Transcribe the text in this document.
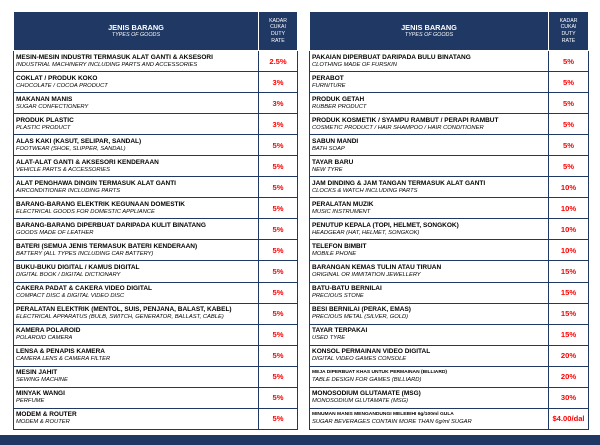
JENIS BARANG
TYPES OF GOODS	KADAR
CUKAI
DUTY
RATE

MESIN-MESIN INDUSTRI TERMASUK ALAT GANTI & AKSESORI
INDUSTRIAL MACHINERY INCLUDING PARTS AND ACCESSORIES	2.5%

COKLAT / PRODUK KOKO
CHOCOLATE / COCOA PRODUCT	3%

MAKANAN MANIS
SUGAR CONFECTIONERY	3%

PRODUK PLASTIC
PLASTIC PRODUCT	3%

ALAS KAKI (KASUT, SELIPAR, SANDAL)
FOOTWEAR (SHOE, SLIPPER, SANDAL)	5%

ALAT-ALAT GANTI & AKSESORI KENDERAAN
VEHICLE PARTS & ACCESSORIES	5%

ALAT PENGHAWA DINGIN TERMASUK ALAT GANTI
AIRCONDITIONER INCLUDING PARTS	5%

BARANG-BARANG ELEKTRIK KEGUNAAN DOMESTIK
ELECTRICAL GOODS FOR DOMESTIC APPLIANCE	5%

BARANG-BARANG DIPERBUAT DARIPADA KULIT BINATANG
GOODS MADE OF LEATHER	5%

BATERI (SEMUA JENIS TERMASUK BATERI KENDERAAN)
BATTERY (ALL TYPES INCLUDING CAR BATTERY)	5%

BUKU-BUKU DIGITAL / KAMUS DIGITAL
DIGITAL BOOK / DIGITAL DICTIONARY	5%

CAKERA PADAT & CAKERA VIDEO DIGITAL
COMPACT DISC & DIGITAL VIDEO DISC	5%

PERALATAN ELEKTRIK (MENTOL, SUIS, PENJANA, BALAST, KABEL)
ELECTRICAL APPARATUS (BULB, SWITCH, GENERATOR, BALLAST, CABLE)	5%

KAMERA POLAROID
POLAROID CAMERA	5%

LENSA & PENAPIS KAMERA
CAMERA LENS & CAMERA FILTER	5%

MESIN JAHIT
SEWING MACHINE	5%

MINYAK WANGI
PERFUME	5%

MODEM & ROUTER
MODEM & ROUTER	5%
JENIS BARANG
TYPES OF GOODS	KADAR
CUKAI
DUTY
RATE

PAKAIAN DIPERBUAT DARIPADA BULU BINATANG
CLOTHING MADE OF FURSKIN	5%

PERABOT
FURNITURE	5%

PRODUK GETAH
RUBBER PRODUCT	5%

PRODUK KOSMETIK / SYAMPU RAMBUT / PERAPI RAMBUT
COSMETIC PRODUCT / HAIR SHAMPOO / HAIR CONDITIONER	5%

SABUN MANDI
BATH SOAP	5%

TAYAR BARU
NEW TYRE	5%

JAM DINDING & JAM TANGAN TERMASUK ALAT GANTI
CLOCKS & WATCH INCLUDING PARTS	10%

PERALATAN MUZIK
MUSIC INSTRUMENT	10%

PENUTUP KEPALA (TOPI, HELMET, SONGKOK)
HEADGEAR (HAT, HELMET, SONGKOK)	10%

TELEFON BIMBIT
MOBILE PHONE	10%

BARANGAN KEMAS TULIN ATAU TIRUAN
ORIGINAL OR IMMITATION JEWELLERY	15%

BATU-BATU BERNILAI
PRECIOUS STONE	15%

BESI BERNILAI (PERAK, EMAS)
PRECIOUS METAL (SILVER, GOLD)	15%

TAYAR TERPAKAI
USED TYRE	15%

KONSOL PERMAINAN VIDEO DIGITAL
DIGITAL VIDEO GAMES CONSOLE	20%

MEJA DIPERBUAT KHAS UNTUK PERMAINAN (BILLIARD)
TABLE DESIGN FOR GAMES (BILLIARD)	20%

MONOSODIUM GLUTAMATE (MSG)
MONOSODIUM GLUTAMATE (MSG)	30%

MINUMAN MANIS MENGANDUNGI MELEBIHI 6g/100ml GULA
SUGAR BEVERAGES CONTAIN MORE THAN 6g/ml SUGAR	$4.00/dal
